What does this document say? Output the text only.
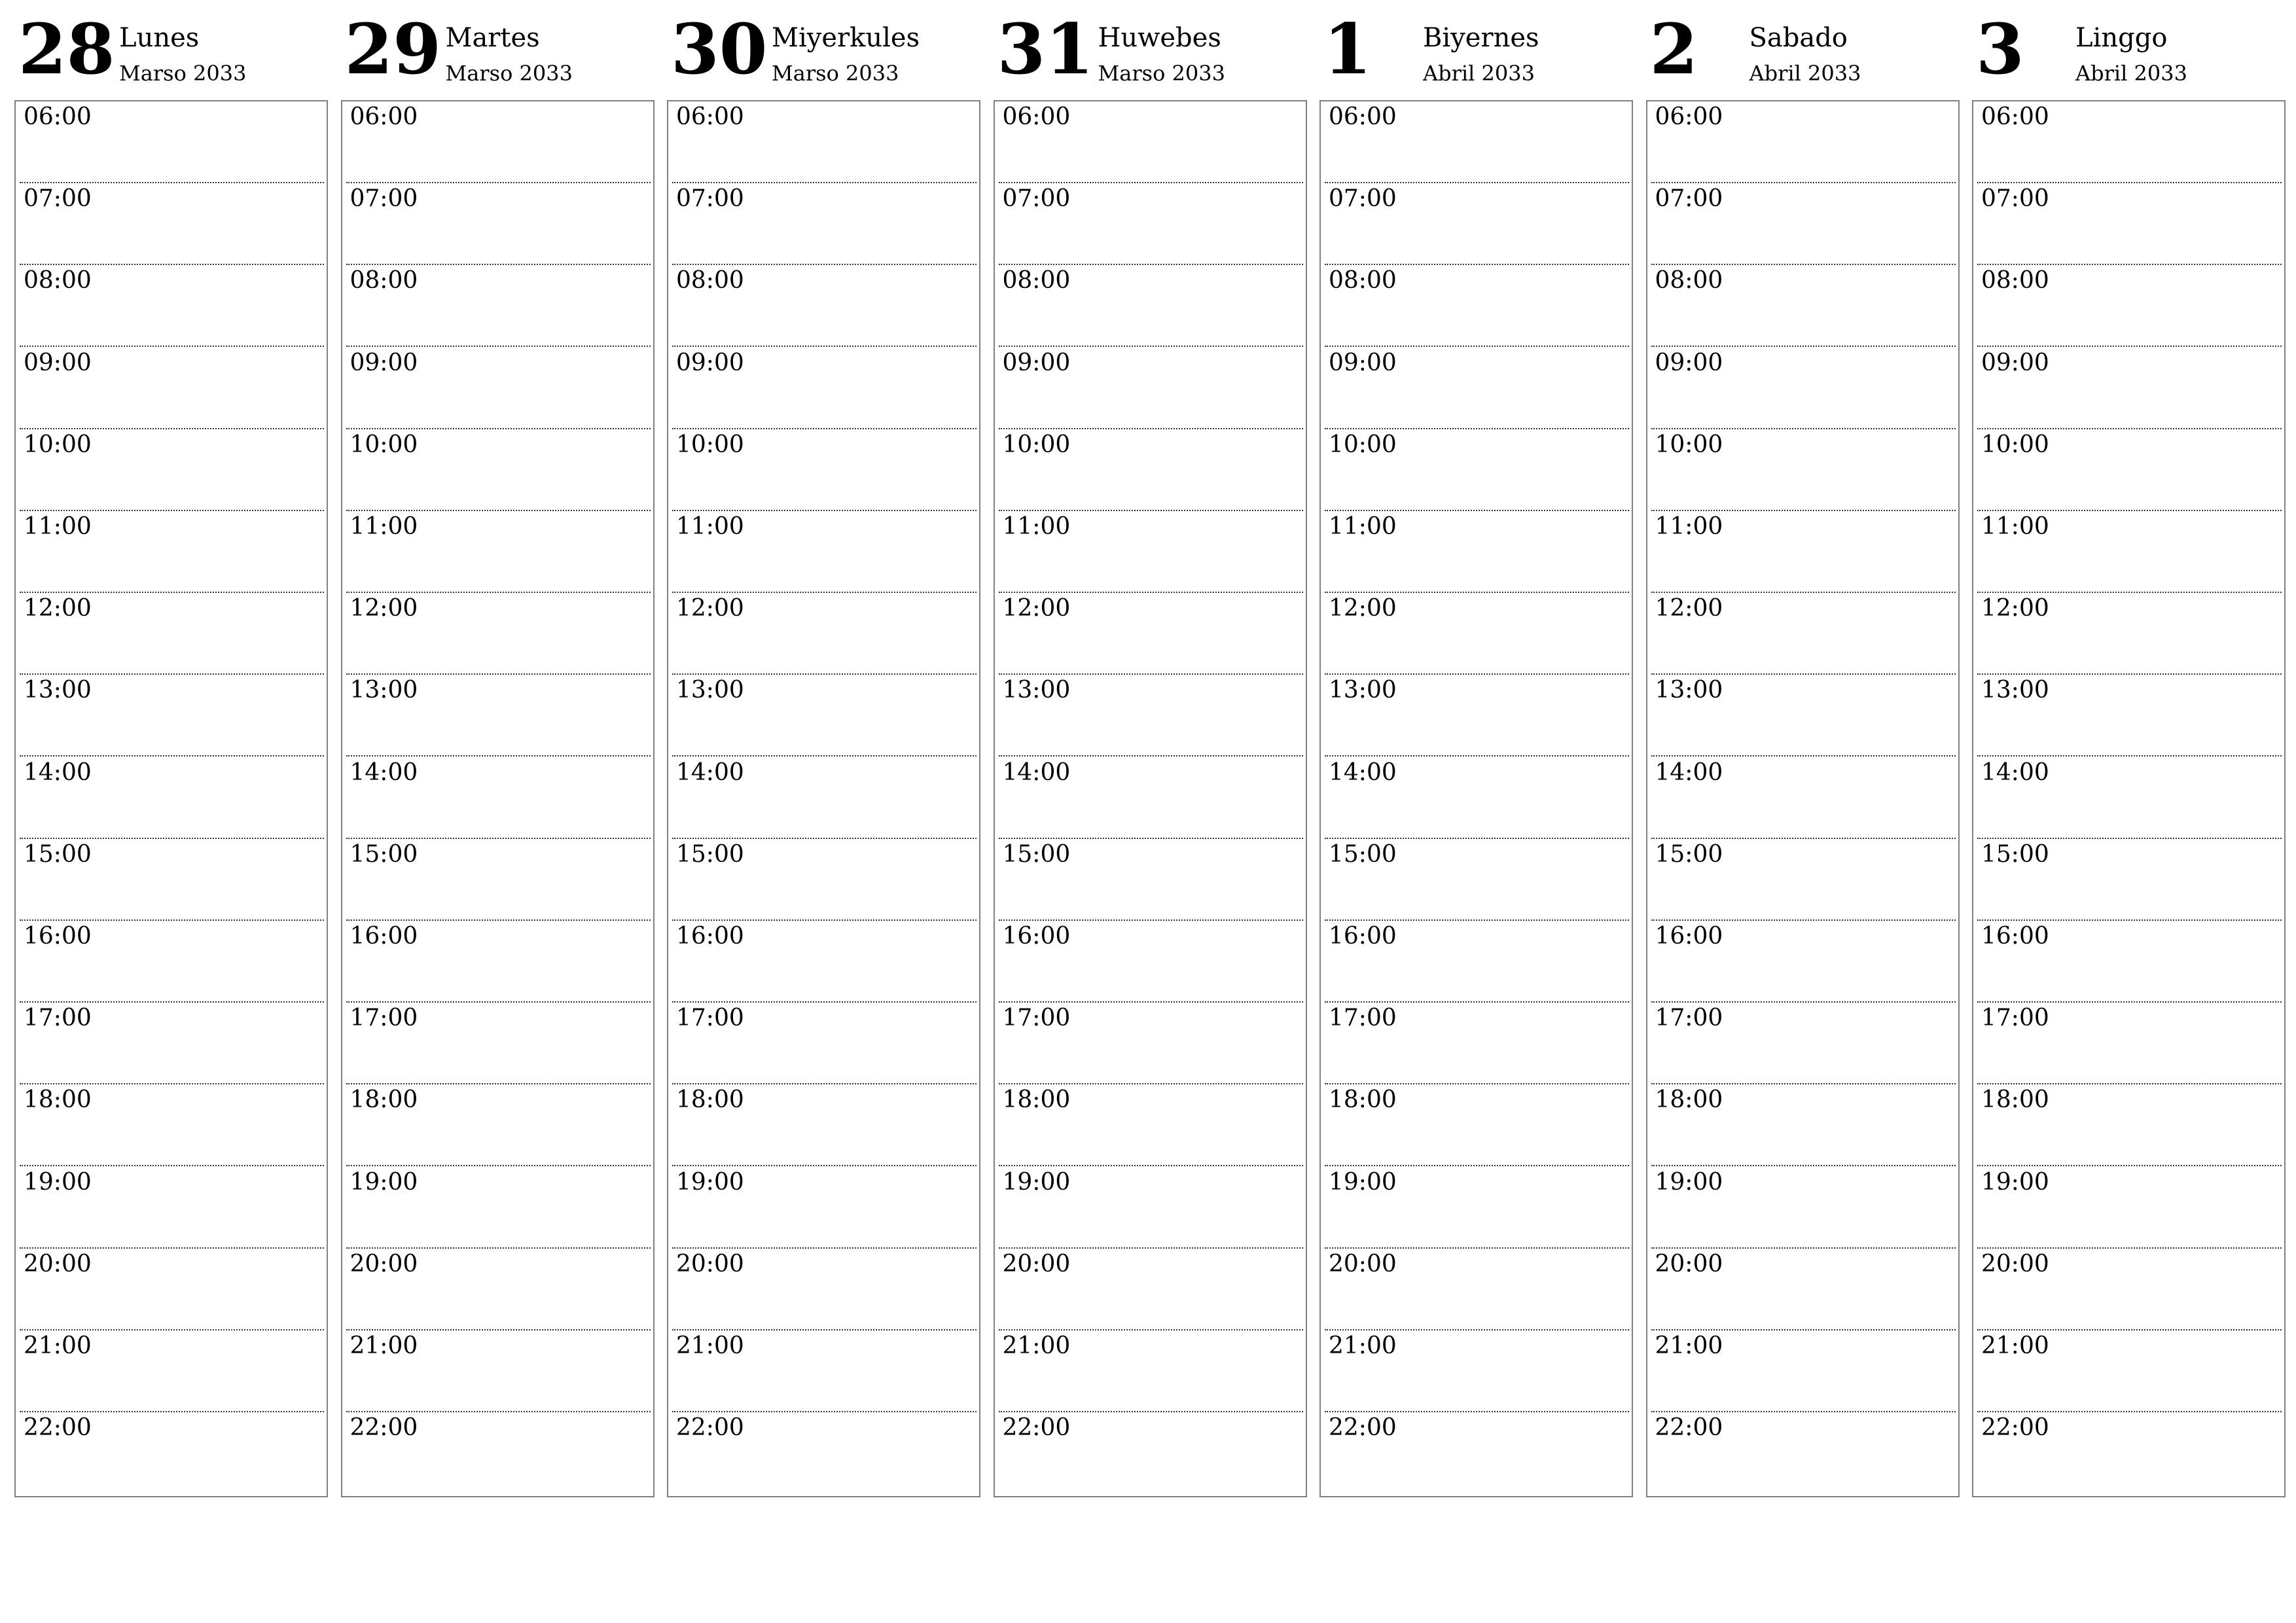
28 Lunes
Marso 2033
06:00
07:00
08:00
09:00
10:00
11:00
12:00
13:00
14:00
15:00
16:00
17:00
18:00
19:00
20:00
21:00
22:00
29 Martes
Marso 2033
06:00
07:00
08:00
09:00
10:00
11:00
12:00
13:00
14:00
15:00
16:00
17:00
18:00
19:00
20:00
21:00
22:00
30 Miyerkules
Marso 2033
06:00
07:00
08:00
09:00
10:00
11:00
12:00
13:00
14:00
15:00
16:00
17:00
18:00
19:00
20:00
21:00
22:00
31 Huwebes
Marso 2033
06:00
07:00
08:00
09:00
10:00
11:00
12:00
13:00
14:00
15:00
16:00
17:00
18:00
19:00
20:00
21:00
22:00
1 Biyernes
Abril 2033
06:00
07:00
08:00
09:00
10:00
11:00
12:00
13:00
14:00
15:00
16:00
17:00
18:00
19:00
20:00
21:00
22:00
2 Sabado
Abril 2033
06:00
07:00
08:00
09:00
10:00
11:00
12:00
13:00
14:00
15:00
16:00
17:00
18:00
19:00
20:00
21:00
22:00
3 Linggo
Abril 2033
06:00
07:00
08:00
09:00
10:00
11:00
12:00
13:00
14:00
15:00
16:00
17:00
18:00
19:00
20:00
21:00
22:00
